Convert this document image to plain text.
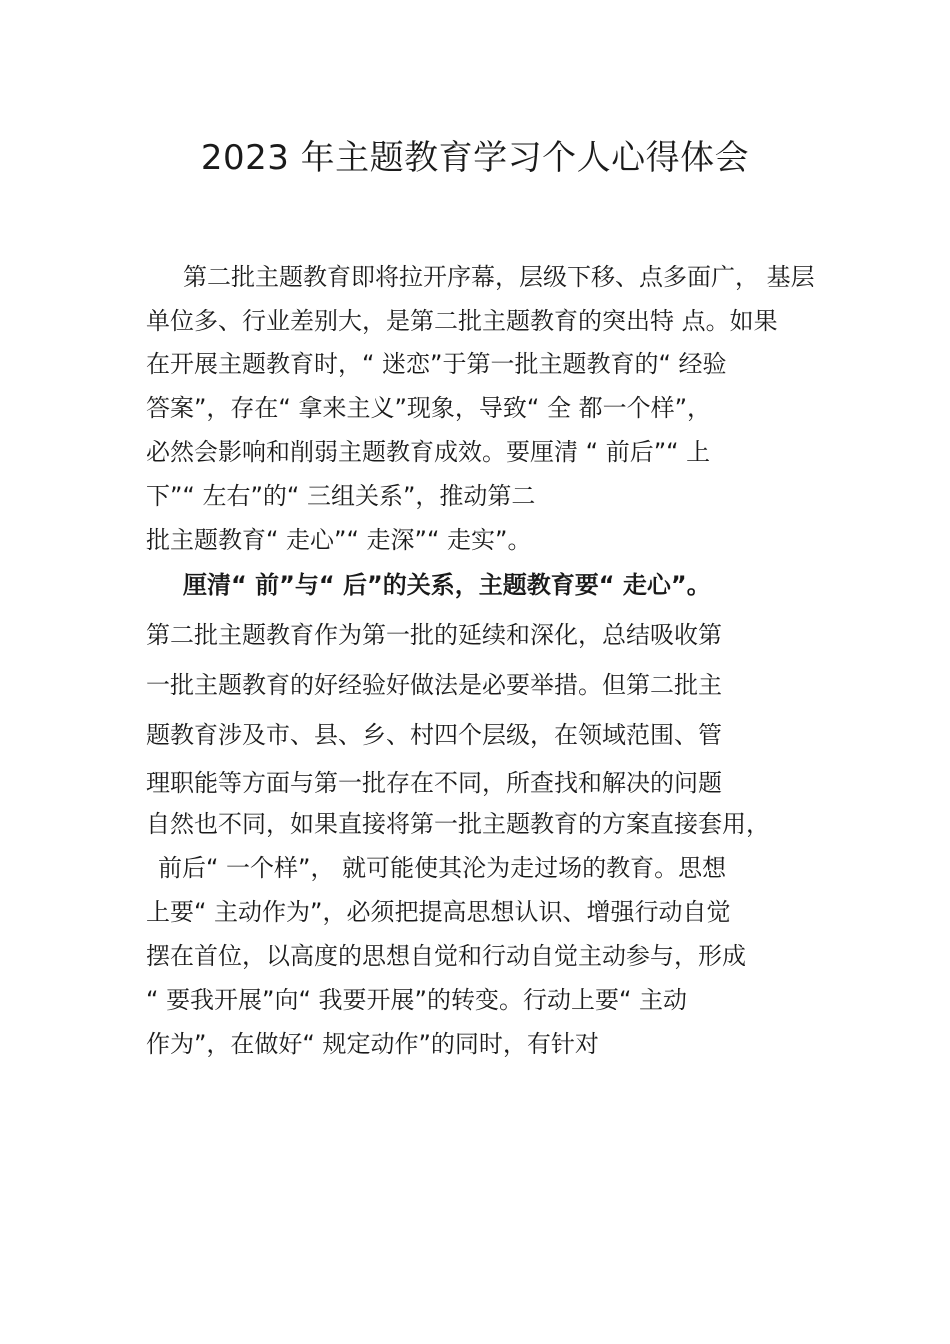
2023 年主题教育学习个人心得体会
第二批主题教育即将拉开序幕，层级下移、点多面广， 基层
单位多、行业差别大，是第二批主题教育的突出特 点。如果
在开展主题教育时，“ 迷恋”于第一批主题教育的“ 经验
答案”，存在“ 拿来主义”现象，导致“ 全 都一个样”，
必然会影响和削弱主题教育成效。要厘清 “ 前后”“ 上
下”“ 左右”的“ 三组关系”，推动第二
批主题教育“ 走心”“ 走深”“ 走实”。
厘清“ 前”与“ 后”的关系，主题教育要“ 走心”。
第二批主题教育作为第一批的延续和深化，总结吸收第
一批主题教育的好经验好做法是必要举措。但第二批主
题教育涉及市、县、乡、村四个层级，在领域范围、管
理职能等方面与第一批存在不同，所查找和解决的问题
自然也不同，如果直接将第一批主题教育的方案直接套用，
前后“ 一个样”， 就可能使其沦为走过场的教育。思想
上要“ 主动作为”，必须把提高思想认识、增强行动自觉
摆在首位，以高度的思想自觉和行动自觉主动参与，形成
“ 要我开展”向“ 我要开展”的转变。行动上要“ 主动
作为”，在做好“ 规定动作”的同时，有针对
